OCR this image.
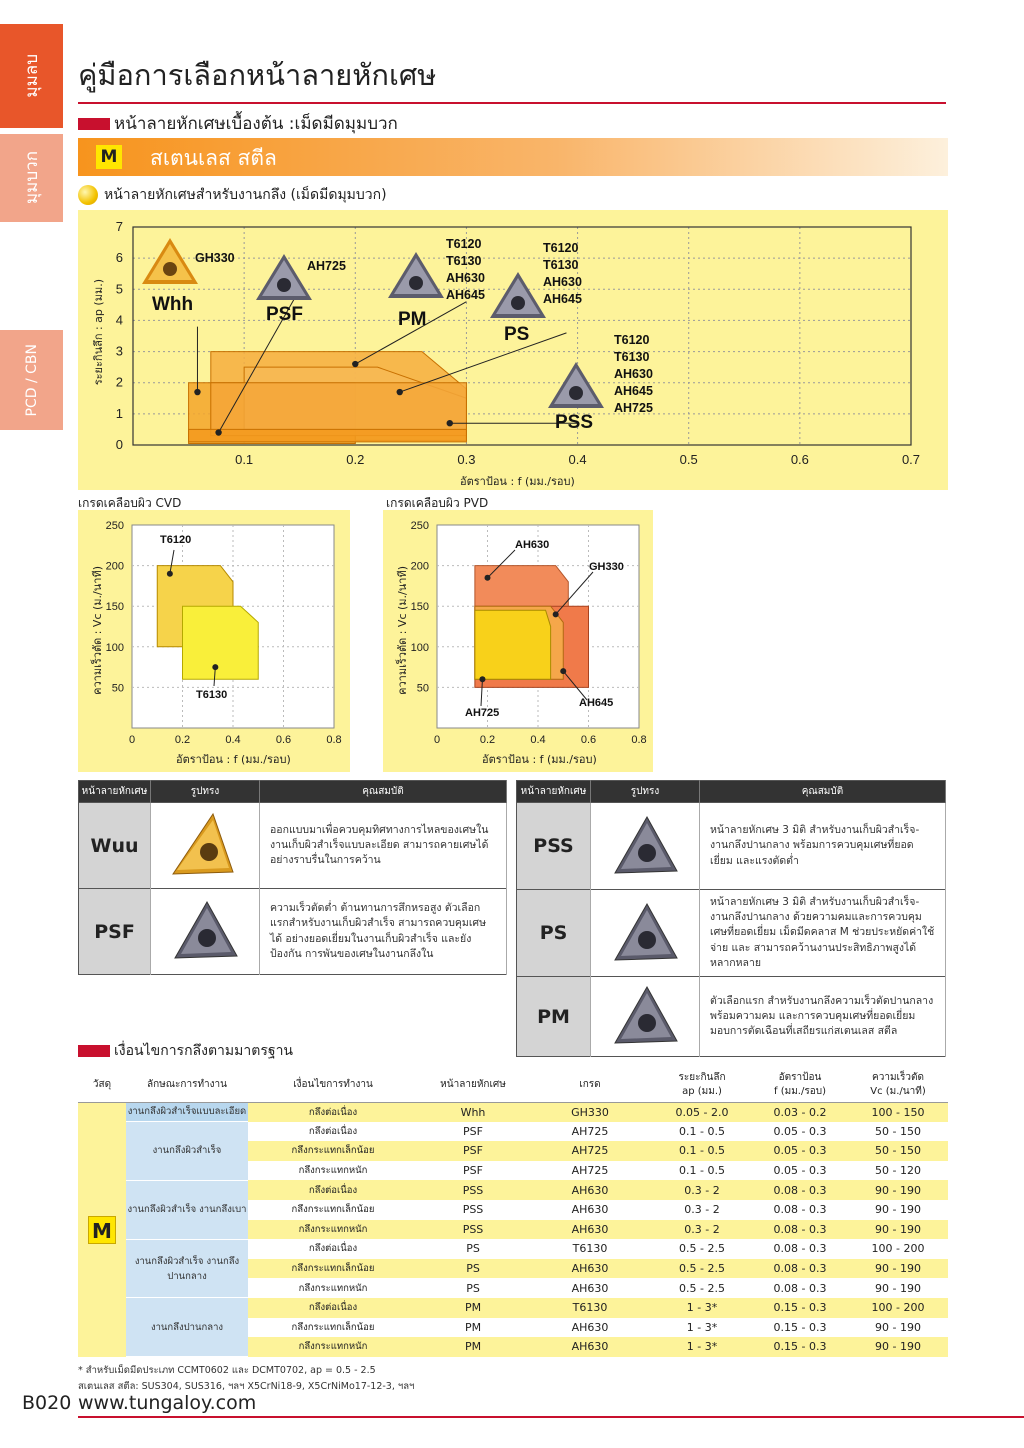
มุมลบ
มุมบวก
PCD / CBN
คู่มือการเลือกหน้าลายหักเศษ
หน้าลายหักเศษเบื้องต้น :เม็ดมีดมุมบวก
M สเตนเลส สตีล
หน้าลายหักเศษสำหรับงานกลึง (เม็ดมีดมุมบวก)
0
1
2
3
4
5
6
7
0.1	0.2	0.3	0.4	0.5	0.6	0.7
Whh	PSF	PM
PS
PSS
GH330
AH725
T6120
T6130
AH630
AH645
T6120
T6130
AH630
AH645
T6120
T6130
AH630
AH645
AH725
ระยะกินลึก : ap (มม.)
อัตราป้อน : f (มม./รอบ)
เกรดเคลือบผิว CVD
250
200
150
100
50
0	0.2	0.4	0.6	0.8
T6120
T6130
ความเร็วตัด : Vc (ม./นาที)
อัตราป้อน : f (มม./รอบ)
เกรดเคลือบผิว PVD
250
200
150
100
50
0	0.2	0.4	0.6	0.8
AH630
GH330
AH645
AH725
ความเร็วตัด : Vc (ม./นาที)
อัตราป้อน : f (มม./รอบ)
หน้าลายหักเศษ	รูปทรง	คุณสมบัติ
Wuu		ออกแบบมาเพื่อควบคุมทิศทางการไหลของเศษใน งานเก็บผิวสำเร็จแบบละเอียด สามารถคายเศษได้ อย่างราบรื่นในการคว้าน
PSF		ความเร็วตัดต่ำ ต้านทานการสึกหรอสูง ตัวเลือก แรกสำหรับงานเก็บผิวสำเร็จ สามารถควบคุมเศษได้ อย่างยอดเยี่ยมในงานเก็บผิวสำเร็จ และยังป้องกัน การพันของเศษในงานกลึงใน
หน้าลายหักเศษ	รูปทรง	คุณสมบัติ
PSS		หน้าลายหักเศษ 3 มิติ สำหรับงานเก็บผิวสำเร็จ-งานกลึงปานกลาง พร้อมการควบคุมเศษที่ยอดเยี่ยม และแรงตัดต่ำ
PS		หน้าลายหักเศษ 3 มิติ สำหรับงานเก็บผิวสำเร็จ-งานกลึงปานกลาง ด้วยความคมและการควบคุมเศษที่ยอดเยี่ยม เม็ดมีดคลาส M ช่วยประหยัดค่าใช้จ่าย และ สามารถคว้านงานประสิทธิภาพสูงได้หลากหลาย
PM		ตัวเลือกแรก สำหรับงานกลึงความเร็วตัดปานกลาง พร้อมความคม และการควบคุมเศษที่ยอดเยี่ยม มอบการตัดเฉือนที่เสถียรแก่สเตนเลส สตีล
เงื่อนไขการกลึงตามมาตรฐาน
วัสดุ	ลักษณะการทำงาน	เงื่อนไขการทำงาน	หน้าลายหักเศษ	เกรด	ระยะกินลึก
ap (มม.)	อัตราป้อน
f (มม./รอบ)	ความเร็วตัด
Vc (ม./นาที)
M	งานกลึงผิวสำเร็จแบบละเอียด	กลึงต่อเนื่อง	Whh	GH330	0.05 - 2.0	0.03 - 0.2	100 - 150
	งานกลึงผิวสำเร็จ	กลึงต่อเนื่อง	PSF	AH725	0.1 - 0.5	0.05 - 0.3	50 - 150
		กลึงกระแทกเล็กน้อย	PSF	AH725	0.1 - 0.5	0.05 - 0.3	50 - 150
		กลึงกระแทกหนัก	PSF	AH725	0.1 - 0.5	0.05 - 0.3	50 - 120
	งานกลึงผิวสำเร็จ งานกลึงเบา	กลึงต่อเนื่อง	PSS	AH630	0.3 - 2	0.08 - 0.3	90 - 190
		กลึงกระแทกเล็กน้อย	PSS	AH630	0.3 - 2	0.08 - 0.3	90 - 190
		กลึงกระแทกหนัก	PSS	AH630	0.3 - 2	0.08 - 0.3	90 - 190
	งานกลึงผิวสำเร็จ งานกลึงปานกลาง	กลึงต่อเนื่อง	PS	T6130	0.5 - 2.5	0.08 - 0.3	100 - 200
		กลึงกระแทกเล็กน้อย	PS	AH630	0.5 - 2.5	0.08 - 0.3	90 - 190
		กลึงกระแทกหนัก	PS	AH630	0.5 - 2.5	0.08 - 0.3	90 - 190
	งานกลึงปานกลาง	กลึงต่อเนื่อง	PM	T6130	1 - 3*	0.15 - 0.3	100 - 200
		กลึงกระแทกเล็กน้อย	PM	AH630	1 - 3*	0.15 - 0.3	90 - 190
		กลึงกระแทกหนัก	PM	AH630	1 - 3*	0.15 - 0.3	90 - 190
* สำหรับเม็ดมีดประเภท CCMT0602 และ DCMT0702, ap = 0.5 - 2.5
สเตนเลส สตีล: SUS304, SUS316, ฯลฯ X5CrNi18-9, X5CrNiMo17-12-3, ฯลฯ
B020 www.tungaloy.com
